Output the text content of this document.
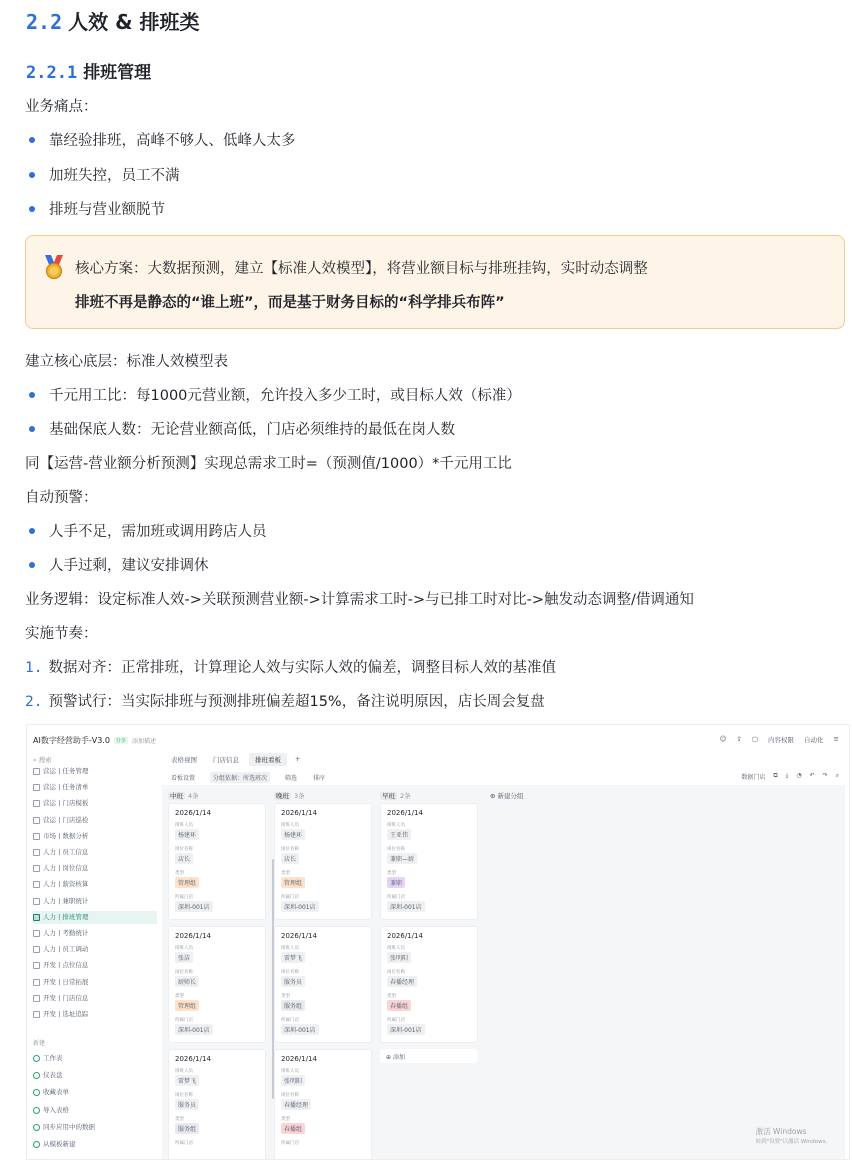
2.2 人效 & 排班类
2.2.1 排班管理
业务痛点：
靠经验排班，高峰不够人、低峰人太多
加班失控，员工不满
排班与营业额脱节
核心方案：大数据预测，建立【标准人效模型】，将营业额目标与排班挂钩，实时动态调整
排班不再是静态的“谁上班”，而是基于财务目标的“科学排兵布阵”
建立核心底层：标准人效模型表
千元用工比：每1000元营业额，允许投入多少工时，或目标人效（标准）
基础保底人数：无论营业额高低，门店必须维持的最低在岗人数
同【运营-营业额分析预测】实现总需求工时=（预测值/1000）*千元用工比
自动预警：
人手不足，需加班或调用跨店人员
人手过剩，建议安排调休
业务逻辑：设定标准人效->关联预测营业额->计算需求工时->与已排工时对比->触发动态调整/借调通知
实施节奏：
1. 数据对齐：正常排班，计算理论人效与实际人效的偏差，调整目标人效的基准值
2. 预警试行：当实际排班与预测排班偏差超15%，备注说明原因，店长周会复盘
AI数字经营助手-V3.0 分享 添加描述	☺ ⇪ ▢ 内容权限 自动化 ≡
表格视图	门店信息	排班看板	+
⌕ 搜索
营运 | 任务管理
营运 | 任务清单
营运 | 门店模板
营运 | 门店巡检
市场 | 数据分析
人力 | 员工信息
人力 | 岗位信息
人力 | 薪资核算
人力 | 兼职统计
人力 | 排班管理
人力 | 考勤统计
人力 | 员工调动
开发 | 点位信息
开发 | 日常拓展
开发 | 门店信息
开发 | 选址追踪
新建
工作表
仪表盘
收藏表单
导入表格
同步应用中的数据
从模板新建
看板设置	分组依据：所选班次	筛选	排序	数据门店 ⧉ ⤓ ◔ ↶ ↷ ⌕
中班 4条
2026/1/14
排班人员
杨建环
岗位名称
店长
类型
管理组
所属门店
深圳-001店
2026/1/14
排班人员
张洁
岗位名称
厨师长
类型
管理组
所属门店
深圳-001店
2026/1/14
排班人员
雷梦飞
岗位名称
服务员
类型
服务组
所属门店
晚班 3条
2026/1/14
排班人员
杨建环
岗位名称
店长
类型
管理组
所属门店
深圳-001店
2026/1/14
排班人员
雷梦飞
岗位名称
服务员
类型
服务组
所属门店
深圳-001店
2026/1/14
排班人员
张明阳
岗位名称
春播经理
类型
春播组
所属门店
早班 2条
2026/1/14
排班人员
王亚伟
岗位名称
兼职—厨
类型
兼职
所属门店
深圳-001店
2026/1/14
排班人员
张明阳
岗位名称
春播经理
类型
春播组
所属门店
深圳-001店
⊕ 添加
⊕ 新建分组
激活 Windows
转到"设置"以激活 Windows。
